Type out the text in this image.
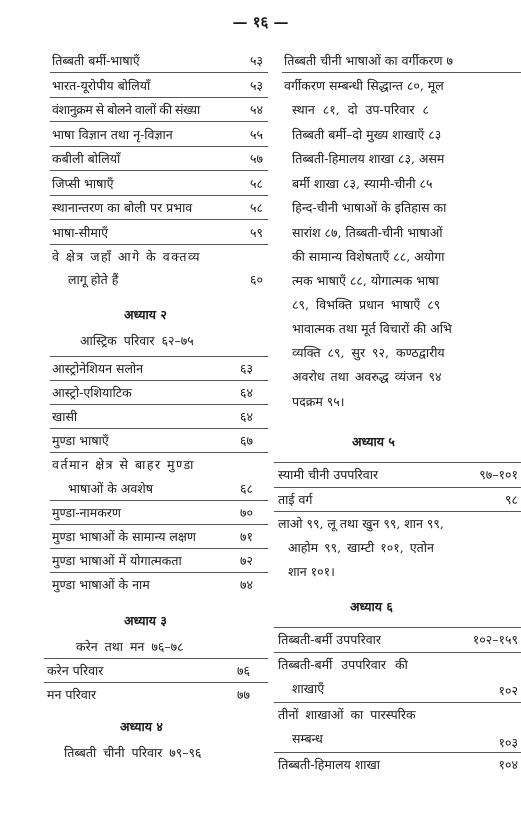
— १६ —
तिब्बती बर्मी-भाषाएँ	५३
भारत-यूरोपीय बोलियाँ	५३
वंशानुक्रम से बोलने वालों की संख्या	५४
भाषा विज्ञान तथा नृ-विज्ञान	५५
कबीली बोलियाँ	५७
जिप्सी भाषाएँ	५८
स्थानान्तरण का बोली पर प्रभाव	५८
भाषा-सीमाएँ	५९
वे क्षेत्र जहाँ आगे के वक्तव्य
लागू होते हैं	६०
अध्याय २
आस्ट्रिक परिवार ६२–७५
आस्ट्रोनेशियन सलोन	६३
आस्ट्रो-एशियाटिक	६४
खासी	६४
मुण्डा भाषाएँ	६७
वर्तमान क्षेत्र से बाहर मुण्डा
भाषाओं के अवशेष	६८
मुण्डा-नामकरण	७०
मुण्डा भाषाओं के सामान्य लक्षण	७१
मुण्डा भाषाओं में योगात्मकता	७२
मुण्डा भाषाओं के नाम	७४
अध्याय ३
करेन तथा मन ७६–७८
करेन परिवार	७६
मन परिवार	७७
अध्याय ४
तिब्बती चीनी परिवार ७९–९६
तिब्बती चीनी भाषाओं का वर्गीकरण ७
वर्गीकरण सम्बन्धी सिद्धान्त ८०, मूल
स्थान ८१, दो उप-परिवार ८
तिब्बती बर्मी–दो मुख्य शाखाएँ ८३
तिब्बती-हिमालय शाखा ८३, असम
बर्मी शाखा ८३, स्यामी-चीनी ८५
हिन्द-चीनी भाषाओं के इतिहास का
सारांश ८७, तिब्बती-चीनी भाषाओं
की सामान्य विशेषताएँ ८८, अयोगा
त्मक भाषाएँ ८८, योगात्मक भाषा
८९, विभक्ति प्रधान भाषाएँ ८९
भावात्मक तथा मूर्त विचारों की अभि
व्यक्ति ८९, सुर ९२, कण्ठद्वारीय
अवरोध तथा अवरुद्ध व्यंजन ९४
पदक्रम ९५।
अध्याय ५
स्यामी चीनी उपपरिवार	९७–१०१
ताई वर्ग	९८
लाओ ९९, लू तथा खुन ९९, शान ९९,
आहोम ९९, खाम्टी १०१, एतोन
शान १०१।
अध्याय ६
तिब्बती-बर्मी उपपरिवार	१०२–१५९
तिब्बती-बर्मी उपपरिवार की
शाखाएँ	१०२
तीनों शाखाओं का पारस्परिक
सम्बन्ध	१०३
तिब्बती-हिमालय शाखा	१०४
